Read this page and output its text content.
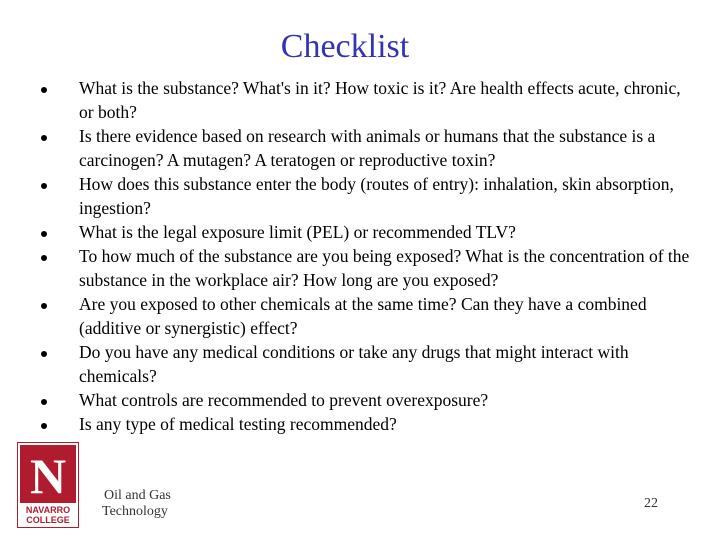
Checklist
What is the substance? What's in it? How toxic is it? Are health effects acute, chronic, or both?
Is there evidence based on research with animals or humans that the substance is a carcinogen? A mutagen? A teratogen or reproductive toxin?
How does this substance enter the body (routes of entry): inhalation, skin absorption, ingestion?
What is the legal exposure limit (PEL) or recommended TLV?
To how much of the substance are you being exposed? What is the concentration of the substance in the workplace air? How long are you exposed?
Are you exposed to other chemicals at the same time? Can they have a combined (additive or synergistic) effect?
Do you have any medical conditions or take any drugs that might interact with chemicals?
What controls are recommended to prevent overexposure?
Is any type of medical testing recommended?
N
NAVARRO
COLLEGE
Oil and Gas
Technology
22
